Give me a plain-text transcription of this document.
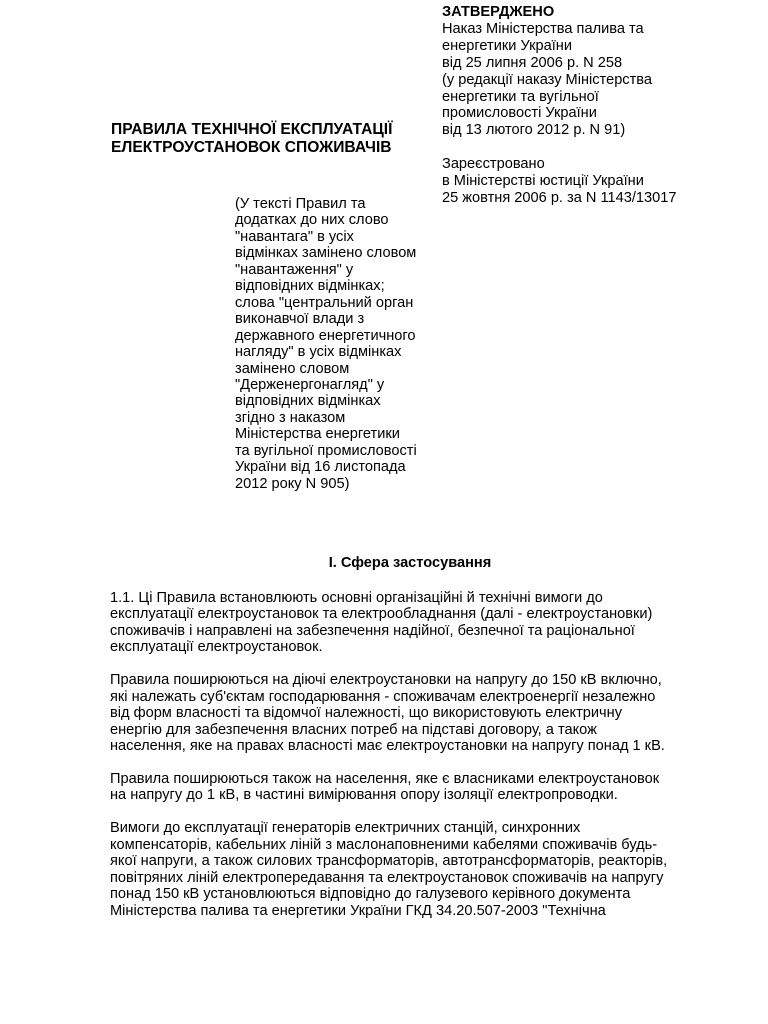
ЗАТВЕРДЖЕНО
Наказ Міністерства палива та
енергетики України
від 25 липня 2006 р. N 258
(у редакції наказу Міністерства
енергетики та вугільної
промисловості України
від 13 лютого 2012 р. N 91)
Зареєстровано
в Міністерстві юстиції України
25 жовтня 2006 р. за N 1143/13017
ПРАВИЛА ТЕХНІЧНОЇ ЕКСПЛУАТАЦІЇ
ЕЛЕКТРОУСТАНОВОК СПОЖИВАЧІВ
(У тексті Правил та
додатках до них слово
"навантага" в усіх
відмінках замінено словом
"навантаження" у
відповідних відмінках;
слова "центральний орган
виконавчої влади з
державного енергетичного
нагляду" в усіх відмінках
замінено словом
"Держенергонагляд" у
відповідних відмінках
згідно з наказом
Міністерства енергетики
та вугільної промисловості
України від 16 листопада
2012 року N 905)
I. Сфера застосування
1.1. Ці Правила встановлюють основні організаційні й технічні вимоги до
експлуатації електроустановок та електрообладнання (далі - електроустановки)
споживачів і направлені на забезпечення надійної, безпечної та раціональної
експлуатації електроустановок.
Правила поширюються на діючі електроустановки на напругу до 150 кВ включно,
які належать суб'єктам господарювання - споживачам електроенергії незалежно
від форм власності та відомчої належності, що використовують електричну
енергію для забезпечення власних потреб на підставі договору, а також
населення, яке на правах власності має електроустановки на напругу понад 1 кВ.
Правила поширюються також на населення, яке є власниками електроустановок
на напругу до 1 кВ, в частині вимірювання опору ізоляції електропроводки.
Вимоги до експлуатації генераторів електричних станцій, синхронних
компенсаторів, кабельних ліній з маслонаповненими кабелями споживачів будь-
якої напруги, а також силових трансформаторів, автотрансформаторів, реакторів,
повітряних ліній електропередавання та електроустановок споживачів на напругу
понад 150 кВ установлюються відповідно до галузевого керівного документа
Міністерства палива та енергетики України ГКД 34.20.507-2003 "Технічна
